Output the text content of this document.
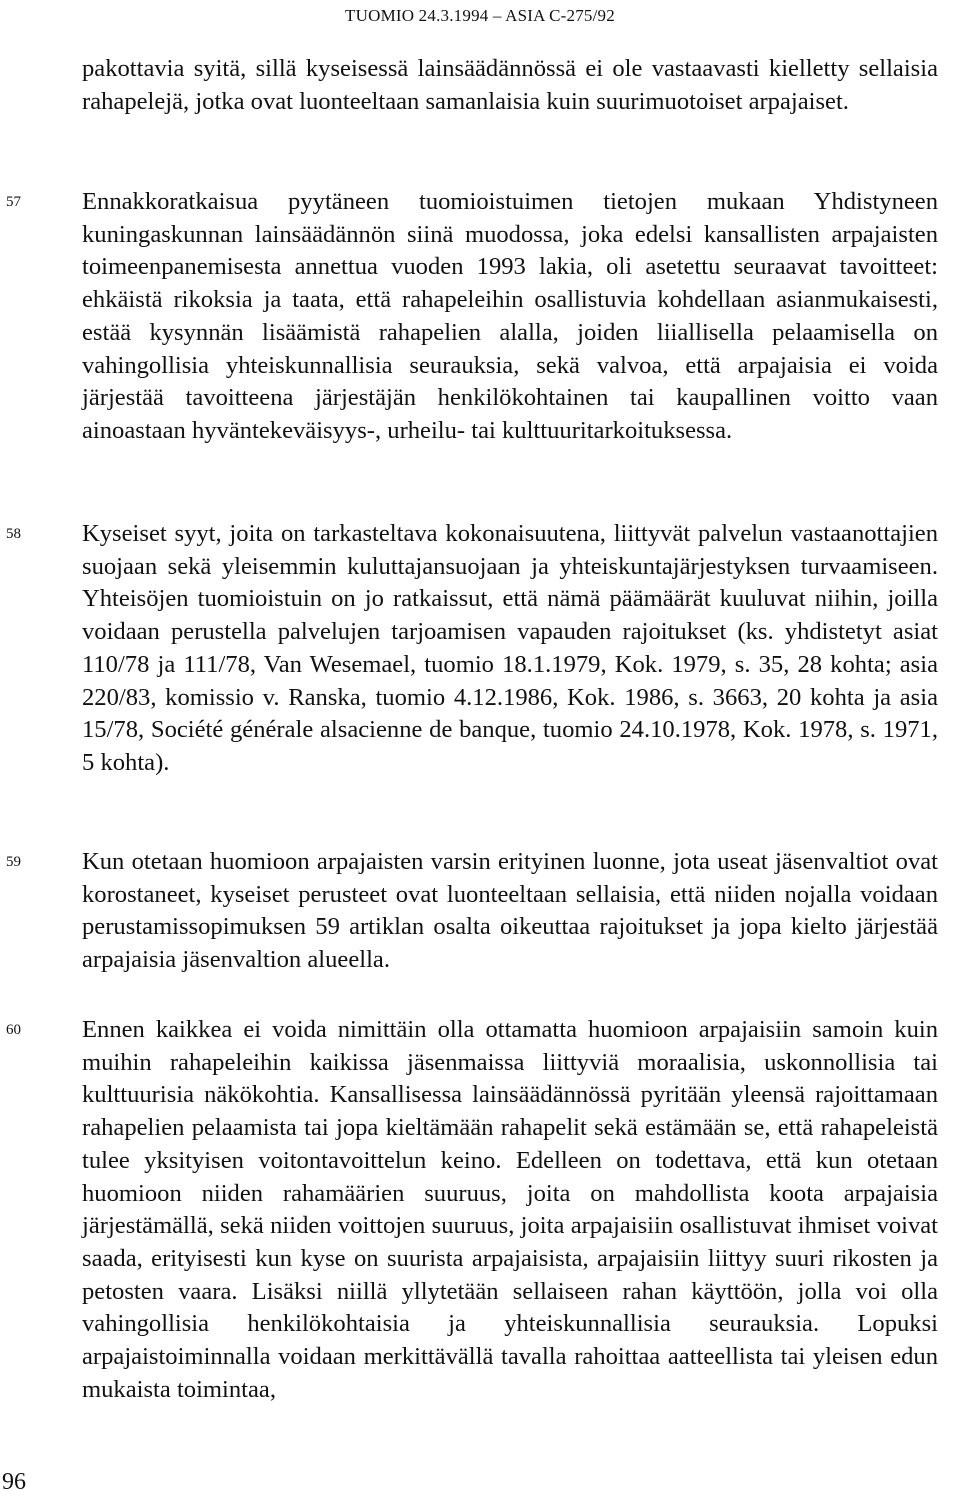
TUOMIO 24.3.1994 – ASIA C-275/92

pakottavia syitä, sillä kyseisessä lainsäädännössä ei ole vastaavasti kielletty sellaisia rahapelejä, jotka ovat luonteeltaan samanlaisia kuin suurimuotoiset arpajaiset.

57 Ennakkoratkaisua pyytäneen tuomioistuimen tietojen mukaan Yhdistyneen kuningaskunnan lainsäädännön siinä muodossa, joka edelsi kansallisten arpajaisten toimeenpanemisesta annettua vuoden 1993 lakia, oli asetettu seuraavat tavoitteet: ehkäistä rikoksia ja taata, että rahapeleihin osallistuvia kohdellaan asianmukaisesti, estää kysynnän lisäämistä rahapelien alalla, joiden liiallisella pelaamisella on vahingollisia yhteiskunnallisia seurauksia, sekä valvoa, että arpajaisia ei voida järjestää tavoitteena järjestäjän henkilökohtainen tai kaupallinen voitto vaan ainoastaan hyväntekeväisyys-, urheilu- tai kulttuuritarkoituksessa.

58 Kyseiset syyt, joita on tarkasteltava kokonaisuutena, liittyvät palvelun vastaanottajien suojaan sekä yleisemmin kuluttajansuojaan ja yhteiskuntajärjestyksen turvaamiseen. Yhteisöjen tuomioistuin on jo ratkaissut, että nämä päämäärät kuuluvat niihin, joilla voidaan perustella palvelujen tarjoamisen vapauden rajoitukset (ks. yhdistetyt asiat 110/78 ja 111/78, Van Wesemael, tuomio 18.1.1979, Kok. 1979, s. 35, 28 kohta; asia 220/83, komissio v. Ranska, tuomio 4.12.1986, Kok. 1986, s. 3663, 20 kohta ja asia 15/78, Société générale alsacienne de banque, tuomio 24.10.1978, Kok. 1978, s. 1971, 5 kohta).

59 Kun otetaan huomioon arpajaisten varsin erityinen luonne, jota useat jäsenvaltiot ovat korostaneet, kyseiset perusteet ovat luonteeltaan sellaisia, että niiden nojalla voidaan perustamissopimuksen 59 artiklan osalta oikeuttaa rajoitukset ja jopa kielto järjestää arpajaisia jäsenvaltion alueella.

60 Ennen kaikkea ei voida nimittäin olla ottamatta huomioon arpajaisiin samoin kuin muihin rahapeleihin kaikissa jäsenmaissa liittyviä moraalisia, uskonnollisia tai kulttuurisia näkökohtia. Kansallisessa lainsäädännössä pyritään yleensä rajoittamaan rahapelien pelaamista tai jopa kieltämään rahapelit sekä estämään se, että rahapeleistä tulee yksityisen voitontavoittelun keino. Edelleen on todettava, että kun otetaan huomioon niiden rahamäärien suuruus, joita on mahdollista koota arpajaisia järjestämällä, sekä niiden voittojen suuruus, joita arpajaisiin osallistuvat ihmiset voivat saada, erityisesti kun kyse on suurista arpajaisista, arpajaisiin liittyy suuri rikosten ja petosten vaara. Lisäksi niillä yllytetään sellaiseen rahan käyttöön, jolla voi olla vahingollisia henkilökohtaisia ja yhteiskunnallisia seurauksia. Lopuksi arpajaistoiminnalla voidaan merkittävällä tavalla rahoittaa aatteellista tai yleisen edun mukaista toimintaa,

96
